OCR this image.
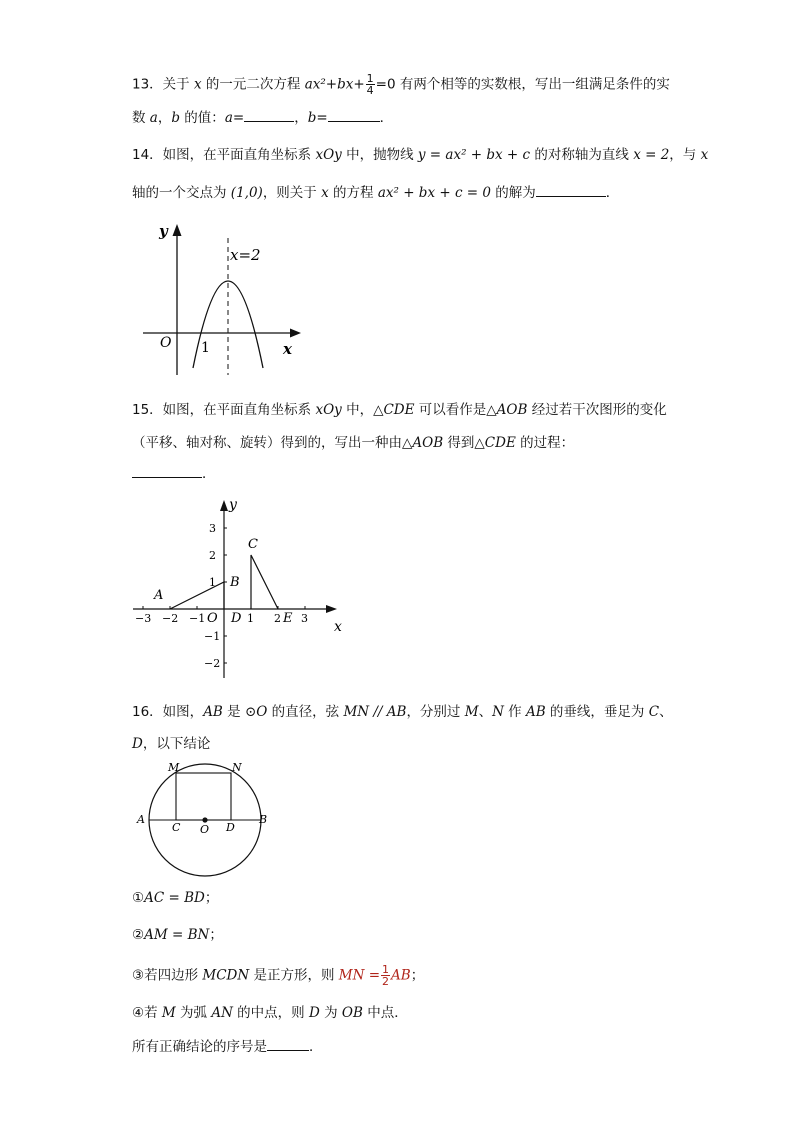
13．关于 x 的一元二次方程 $ax^2+bx+ \frac{1}{4} =0$ 有两个相等的实数根，写出一组满足条件的实
数 a，b 的值：a=	，b=	．
14．如图，在平面直角坐标系 xOy 中，抛物线 y = ax² + bx + c 的对称轴为直线 x = 2，与 x
轴的一个交点为 (1,0)，则关于 x 的方程 ax² + bx + c = 0 的解为	．
y
x=2
O 1	x
15．如图，在平面直角坐标系 xOy 中，△CDE 可以看作是△AOB 经过若干次图形的变化
（平移、轴对称、旋转）得到的，写出一种由△AOB 得到△CDE 的过程：
．
−3 −2 −1	1 2 3
3
2
1
−1
−2
y
x
A
B
C
O D	E
16．如图，AB 是 ⊙O 的直径，弦 MN // AB，分别过 M、N 作 AB 的垂线，垂足为 C、
D，以下结论
M	N
A	B
C O D
①AC = BD；
②AM = BN；
③若四边形 MCDN 是正方形，则 MN = $\frac{1}{2}$ AB；
④若 M 为弧 AN 的中点，则 D 为 OB 中点．
所有正确结论的序号是	．
